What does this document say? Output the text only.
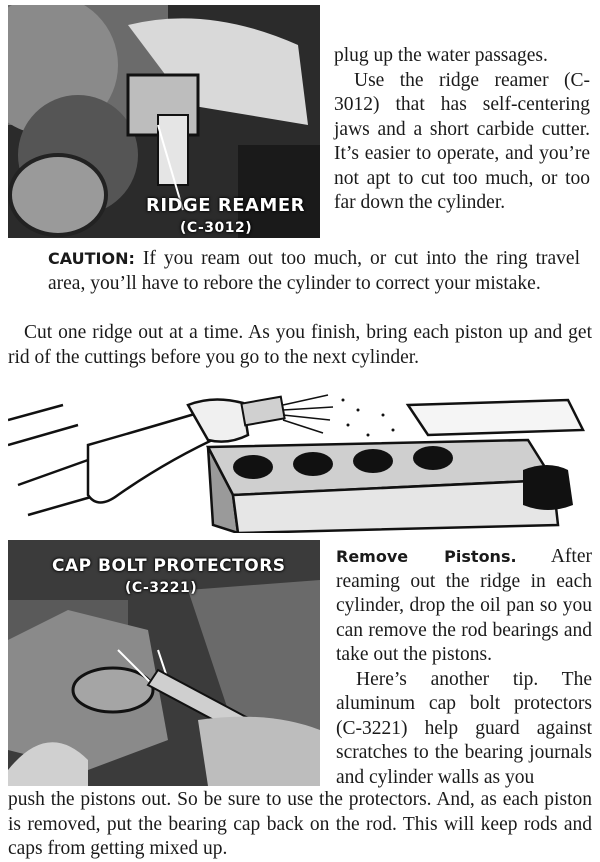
RIDGE REAMER
(C-3012)

plug up the water passages.

Use the ridge reamer (C-3012) that has self-centering jaws and a short carbide cutter. It’s easier to operate, and you’re not apt to cut too much, or too far down the cylinder.

CAUTION: If you ream out too much, or cut into the ring travel area, you’ll have to rebore the cylinder to correct your mistake.
Cut one ridge out at a time. As you finish, bring each piston up and get rid of the cuttings before you go to the next cylinder.
CAP BOLT PROTECTORS
(C-3221)

Remove Pistons. After reaming out the ridge in each cylinder, drop the oil pan so you can remove the rod bearings and take out the pistons.

Here’s another tip. The aluminum cap bolt protectors (C-3221) help guard against scratches to the bearing journals and cylinder walls as you

push the pistons out. So be sure to use the protectors. And, as each piston is removed, put the bearing cap back on the rod. This will keep rods and caps from getting mixed up.
